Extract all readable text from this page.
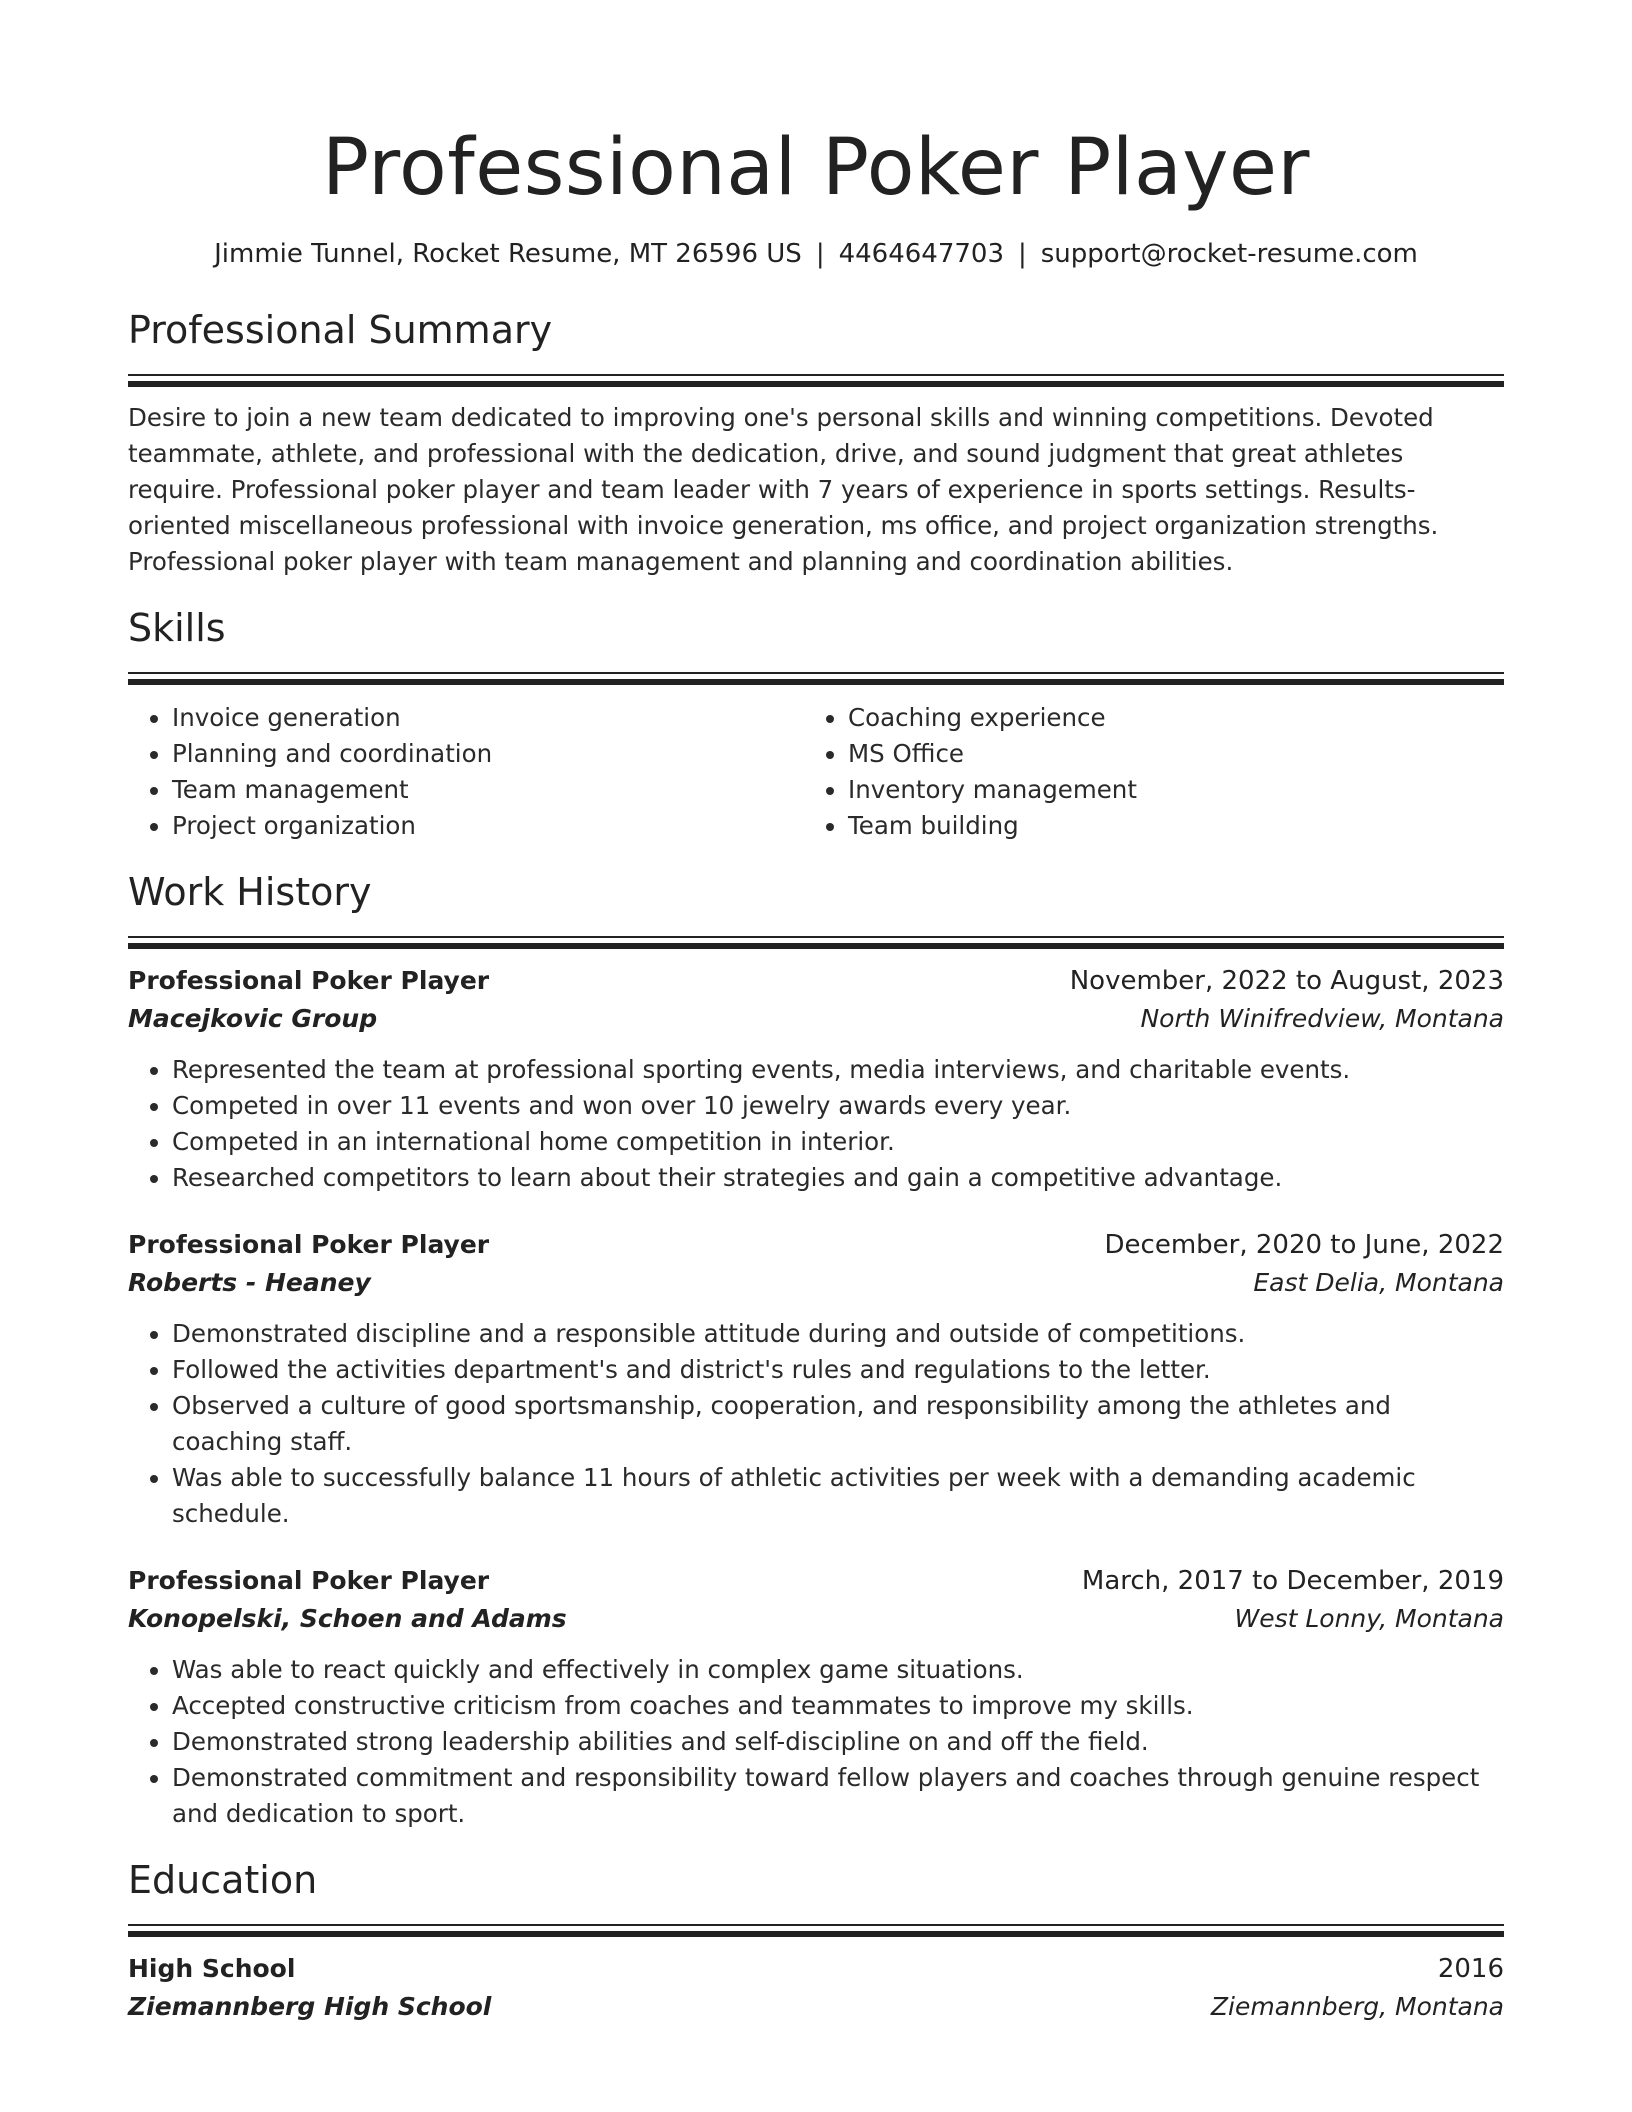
Professional Poker Player
Jimmie Tunnel, Rocket Resume, MT 26596 US | 4464647703 | support@rocket-resume.com
Professional Summary
Desire to join a new team dedicated to improving one's personal skills and winning competitions. Devoted teammate, athlete, and professional with the dedication, drive, and sound judgment that great athletes require. Professional poker player and team leader with 7 years of experience in sports settings. Results-oriented miscellaneous professional with invoice generation, ms office, and project organization strengths. Professional poker player with team management and planning and coordination abilities.
Skills
• Invoice generation
• Planning and coordination
• Team management
• Project organization
• Coaching experience
• MS Office
• Inventory management
• Team building
Work History
Professional Poker Player	November, 2022 to August, 2023
Macejkovic Group	North Winifredview, Montana
• Represented the team at professional sporting events, media interviews, and charitable events.
• Competed in over 11 events and won over 10 jewelry awards every year.
• Competed in an international home competition in interior.
• Researched competitors to learn about their strategies and gain a competitive advantage.
Professional Poker Player	December, 2020 to June, 2022
Roberts - Heaney	East Delia, Montana
• Demonstrated discipline and a responsible attitude during and outside of competitions.
• Followed the activities department's and district's rules and regulations to the letter.
• Observed a culture of good sportsmanship, cooperation, and responsibility among the athletes and coaching staff.
• Was able to successfully balance 11 hours of athletic activities per week with a demanding academic schedule.
Professional Poker Player	March, 2017 to December, 2019
Konopelski, Schoen and Adams	West Lonny, Montana
• Was able to react quickly and effectively in complex game situations.
• Accepted constructive criticism from coaches and teammates to improve my skills.
• Demonstrated strong leadership abilities and self-discipline on and off the field.
• Demonstrated commitment and responsibility toward fellow players and coaches through genuine respect and dedication to sport.
Education
High School	2016
Ziemannberg High School	Ziemannberg, Montana
